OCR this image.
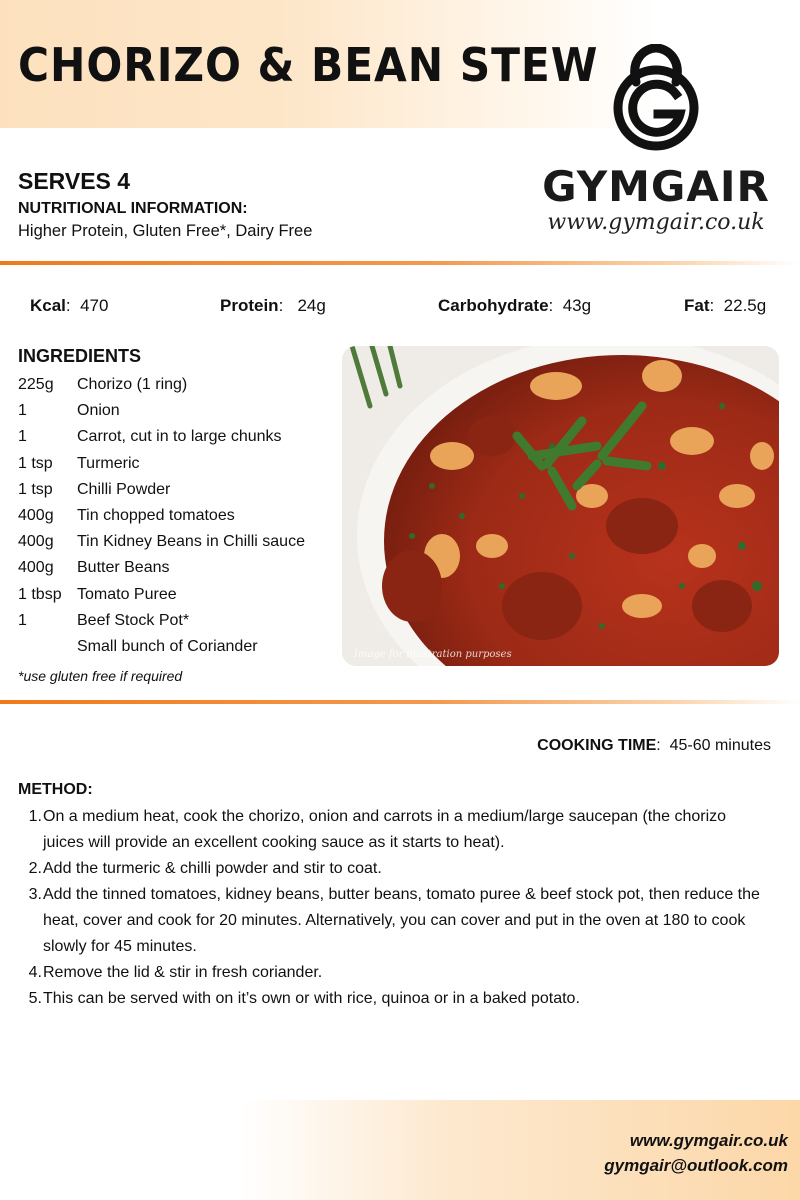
CHORIZO & BEAN STEW
GYMGAIR
www.gymgair.co.uk
SERVES 4
NUTRITIONAL INFORMATION:
Higher Protein, Gluten Free*, Dairy Free
Kcal:  470	Protein:   24g	Carbohydrate:  43g	Fat:  22.5g
INGREDIENTS
225g	Chorizo (1 ring)
1	Onion
1	Carrot, cut in to large chunks
1 tsp	Turmeric
1 tsp	Chilli Powder
400g	Tin chopped tomatoes
400g	Tin Kidney Beans in Chilli sauce
400g	Butter Beans
1 tbsp Tomato Puree
1	Beef Stock Pot*
Small bunch of Coriander
*use gluten free if required
Image for illustration purposes
COOKING TIME:  45-60 minutes
METHOD:
1. On a medium heat, cook the chorizo, onion and carrots in a medium/large saucepan (the chorizo juices will provide an excellent cooking sauce as it starts to heat).
2. Add the turmeric & chilli powder and stir to coat.
3. Add the tinned tomatoes, kidney beans, butter beans, tomato puree & beef stock pot, then reduce the heat, cover and cook for 20 minutes. Alternatively, you can cover and put in the oven at 180 to cook slowly for 45 minutes.
4. Remove the lid & stir in fresh coriander.
5. This can be served with on it’s own or with rice, quinoa or in a baked potato.
www.gymgair.co.uk
gymgair@outlook.com
